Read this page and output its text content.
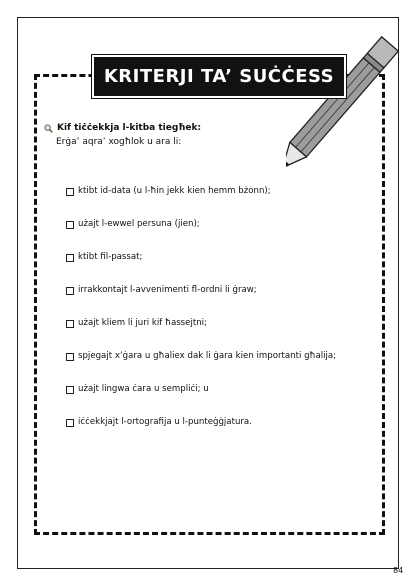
KRITERJI TA’ SUĊĊESS
Kif tiċċekkja l-kitba tiegħek:
Erġa’ aqra’ xogħlok u ara li:
ktibt id-data (u l-ħin jekk kien hemm bżonn);
użajt l-ewwel persuna (jien);
ktibt fil-passat;
irrakkontajt l-avvenimenti fl-ordni li ġraw;
użajt kliem li juri kif ħassejtni;
spjegajt x’ġara u għaliex dak li ġara kien importanti għalija;
użajt lingwa ċara u sempliċi; u
iċċekkjajt l-ortografija u l-punteġġjatura.
84
